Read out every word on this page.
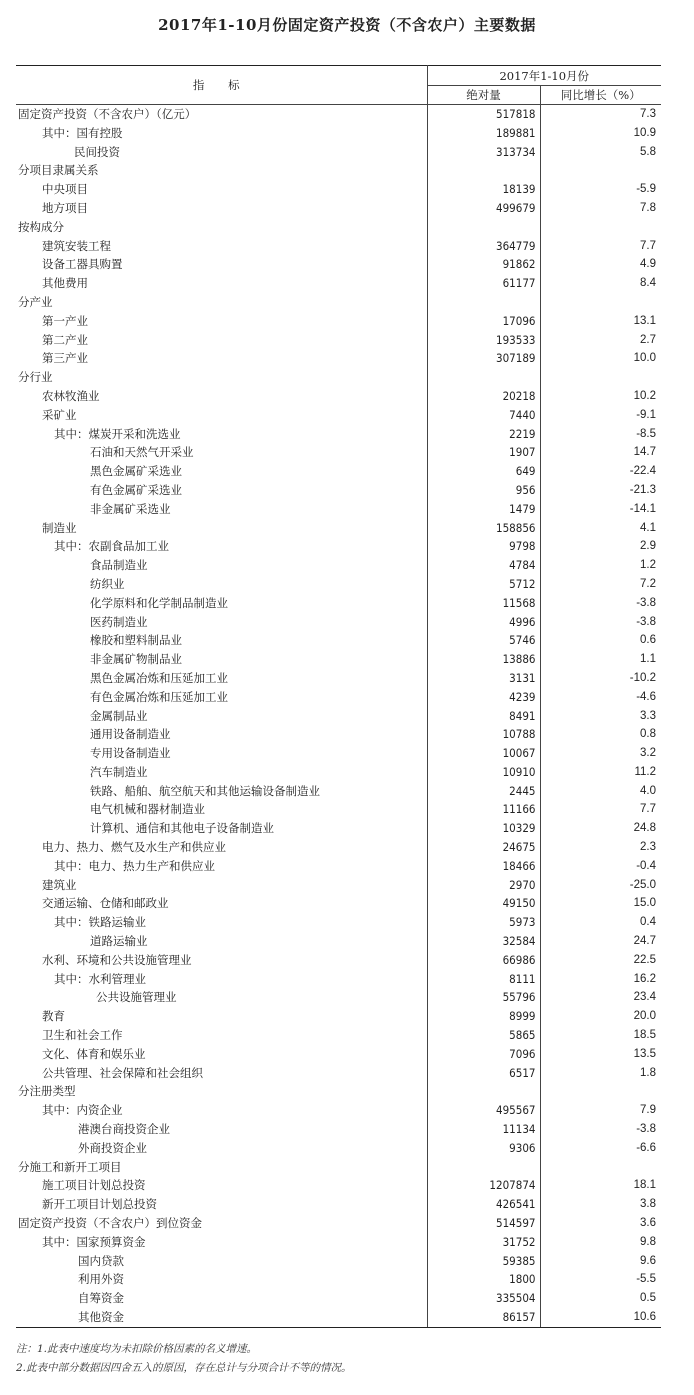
2017年1-10月份固定资产投资（不含农户）主要数据
指 标	2017年1-10月份	
	绝对量	同比增长（%）
固定资产投资（不含农户）（亿元）	517818	7.3
其中：国有控股	189881	10.9
民间投资	313734	5.8
分项目隶属关系		
中央项目	18139	-5.9
地方项目	499679	7.8
按构成分		
建筑安装工程	364779	7.7
设备工器具购置	91862	4.9
其他费用	61177	8.4
分产业		
第一产业	17096	13.1
第二产业	193533	2.7
第三产业	307189	10.0
分行业		
农林牧渔业	20218	10.2
采矿业	7440	-9.1
其中：煤炭开采和洗选业	2219	-8.5
石油和天然气开采业	1907	14.7
黑色金属矿采选业	649	-22.4
有色金属矿采选业	956	-21.3
非金属矿采选业	1479	-14.1
制造业	158856	4.1
其中：农副食品加工业	9798	2.9
食品制造业	4784	1.2
纺织业	5712	7.2
化学原料和化学制品制造业	11568	-3.8
医药制造业	4996	-3.8
橡胶和塑料制品业	5746	0.6
非金属矿物制品业	13886	1.1
黑色金属冶炼和压延加工业	3131	-10.2
有色金属冶炼和压延加工业	4239	-4.6
金属制品业	8491	3.3
通用设备制造业	10788	0.8
专用设备制造业	10067	3.2
汽车制造业	10910	11.2
铁路、船舶、航空航天和其他运输设备制造业	2445	4.0
电气机械和器材制造业	11166	7.7
计算机、通信和其他电子设备制造业	10329	24.8
电力、热力、燃气及水生产和供应业	24675	2.3
其中：电力、热力生产和供应业	18466	-0.4
建筑业	2970	-25.0
交通运输、仓储和邮政业	49150	15.0
其中：铁路运输业	5973	0.4
道路运输业	32584	24.7
水利、环境和公共设施管理业	66986	22.5
其中：水利管理业	8111	16.2
公共设施管理业	55796	23.4
教育	8999	20.0
卫生和社会工作	5865	18.5
文化、体育和娱乐业	7096	13.5
公共管理、社会保障和社会组织	6517	1.8
分注册类型		
其中：内资企业	495567	7.9
港澳台商投资企业	11134	-3.8
外商投资企业	9306	-6.6
分施工和新开工项目		
施工项目计划总投资	1207874	18.1
新开工项目计划总投资	426541	3.8
固定资产投资（不含农户）到位资金	514597	3.6
其中：国家预算资金	31752	9.8
国内贷款	59385	9.6
利用外资	1800	-5.5
自筹资金	335504	0.5
其他资金	86157	10.6
注：1.此表中速度均为未扣除价格因素的名义增速。
2.此表中部分数据因四舍五入的原因，存在总计与分项合计不等的情况。
